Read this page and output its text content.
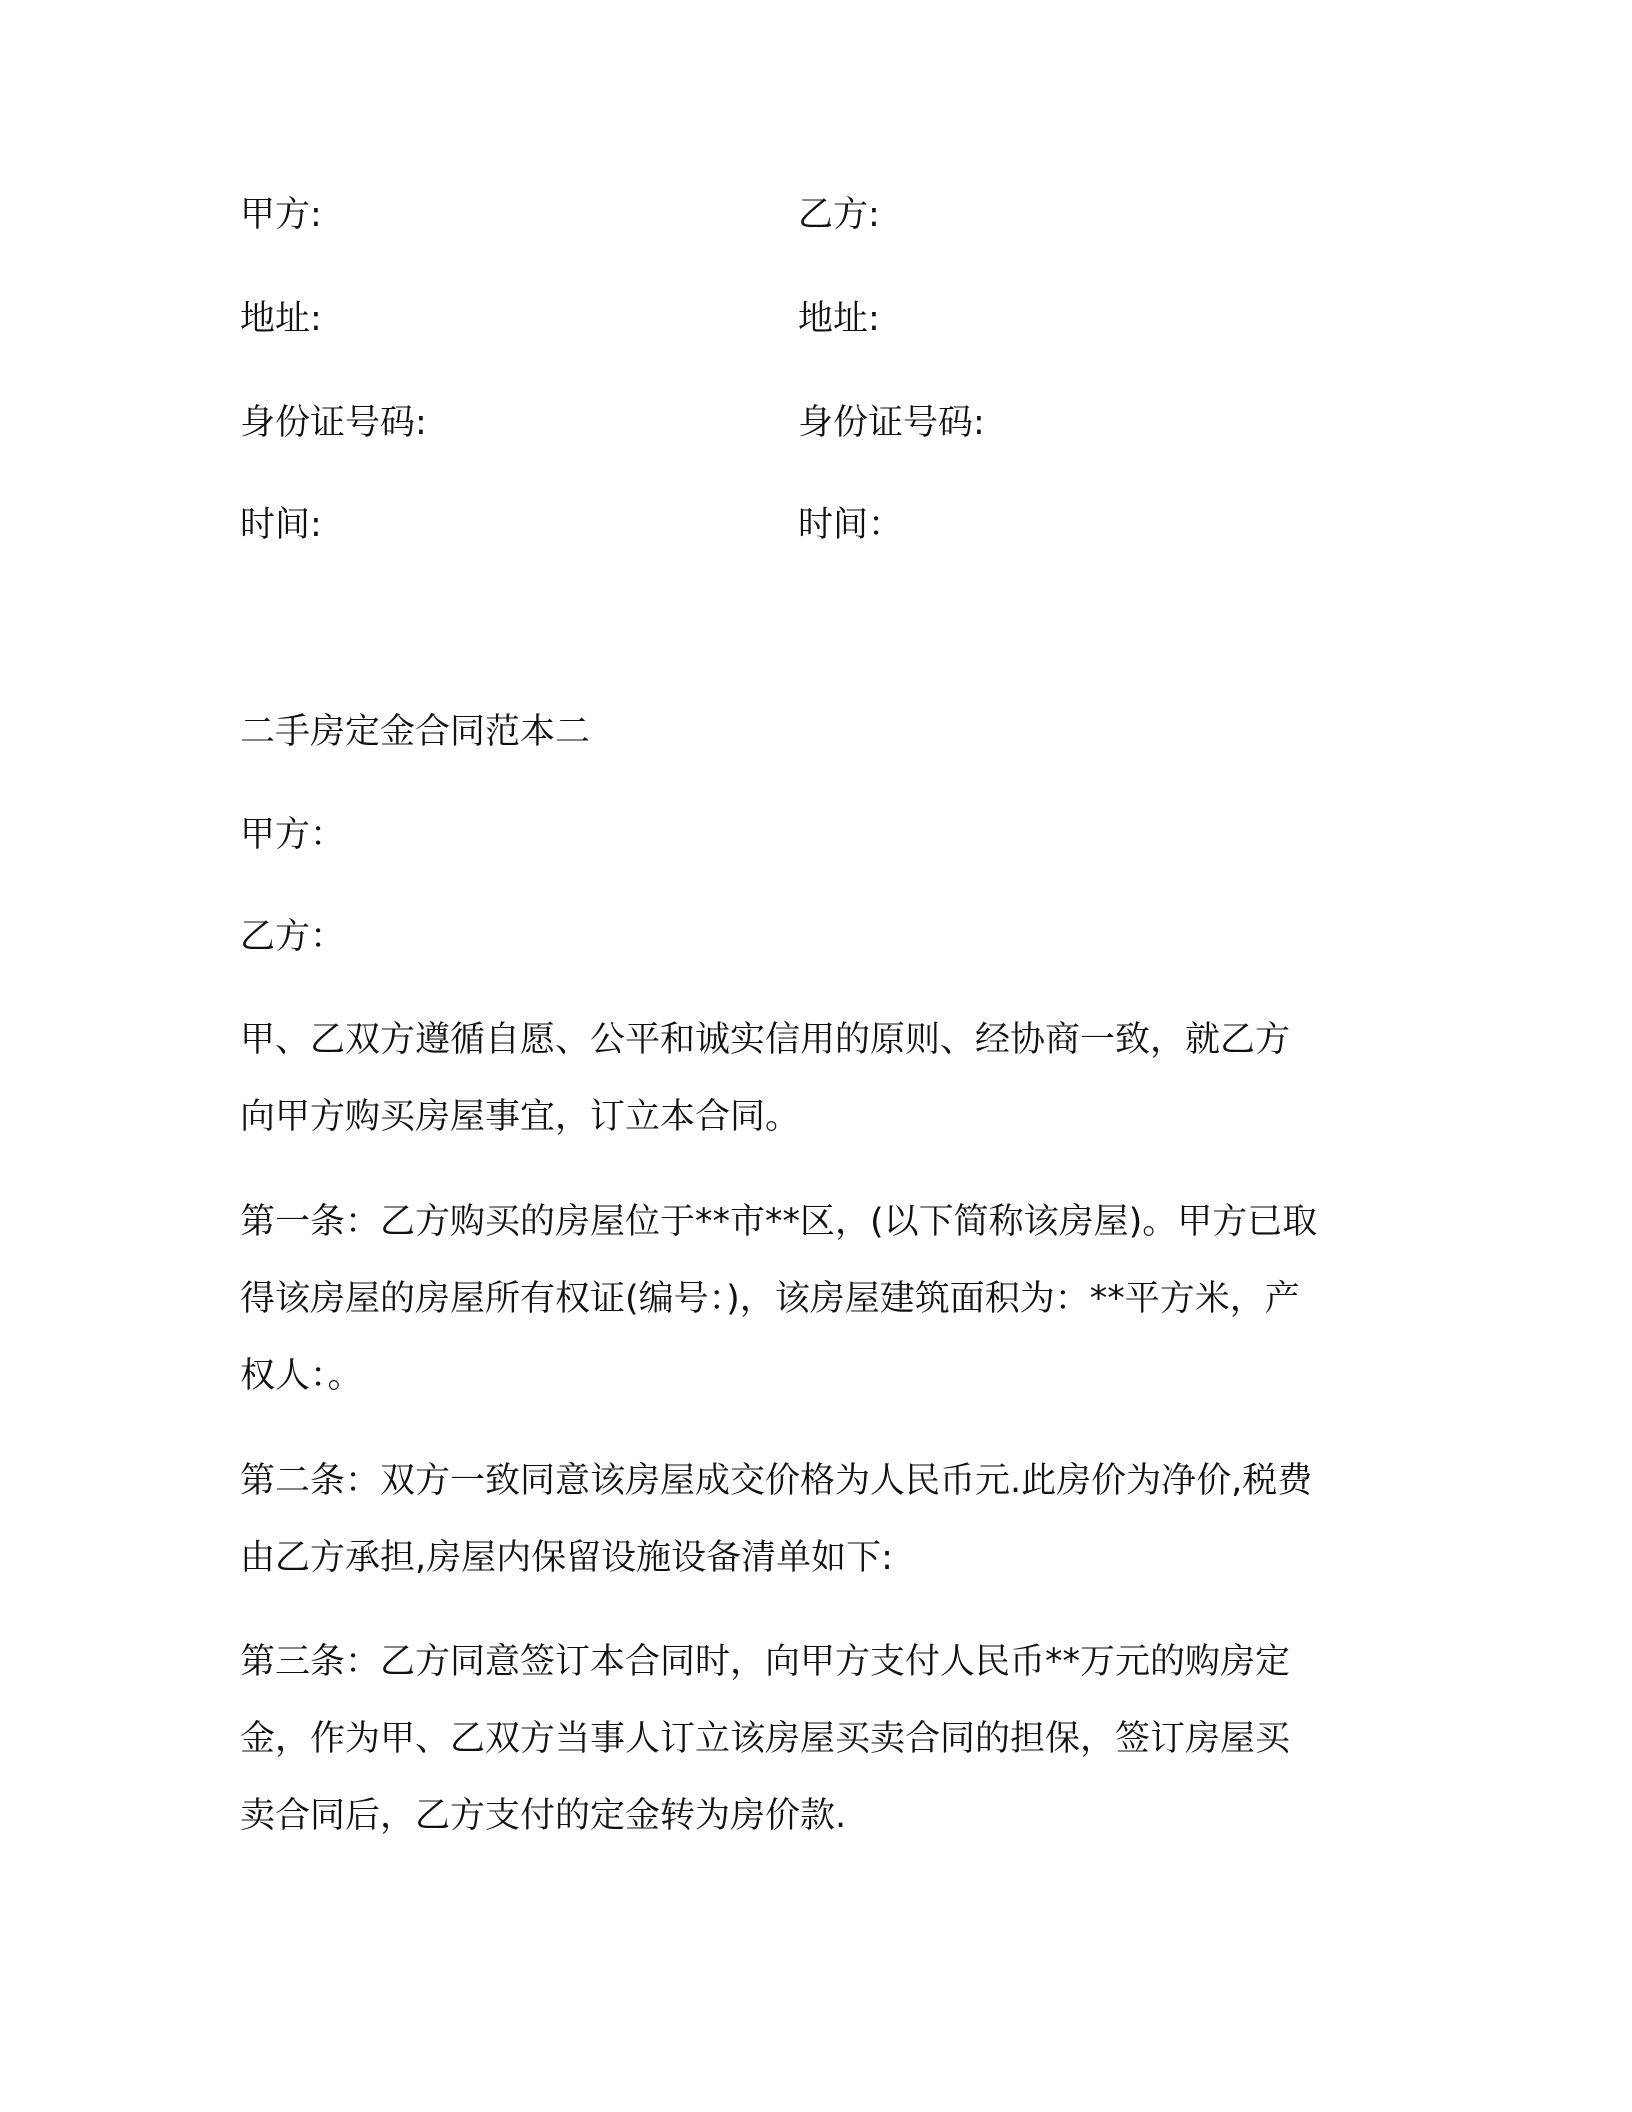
甲方:	乙方:
地址:	地址:
身份证号码:	身份证号码:
时间:	时间：
二手房定金合同范本二
甲方：
乙方：
甲、乙双方遵循自愿、公平和诚实信用的原则、经协商一致，就乙方
向甲方购买房屋事宜，订立本合同。
第一条：乙方购买的房屋位于**市**区，(以下简称该房屋)。甲方已取
得该房屋的房屋所有权证(编号：)，该房屋建筑面积为：**平方米，产
权人：。
第二条：双方一致同意该房屋成交价格为人民币元.此房价为净价,税费
由乙方承担,房屋内保留设施设备清单如下:
第三条：乙方同意签订本合同时，向甲方支付人民币**万元的购房定
金，作为甲、乙双方当事人订立该房屋买卖合同的担保，签订房屋买
卖合同后，乙方支付的定金转为房价款.
